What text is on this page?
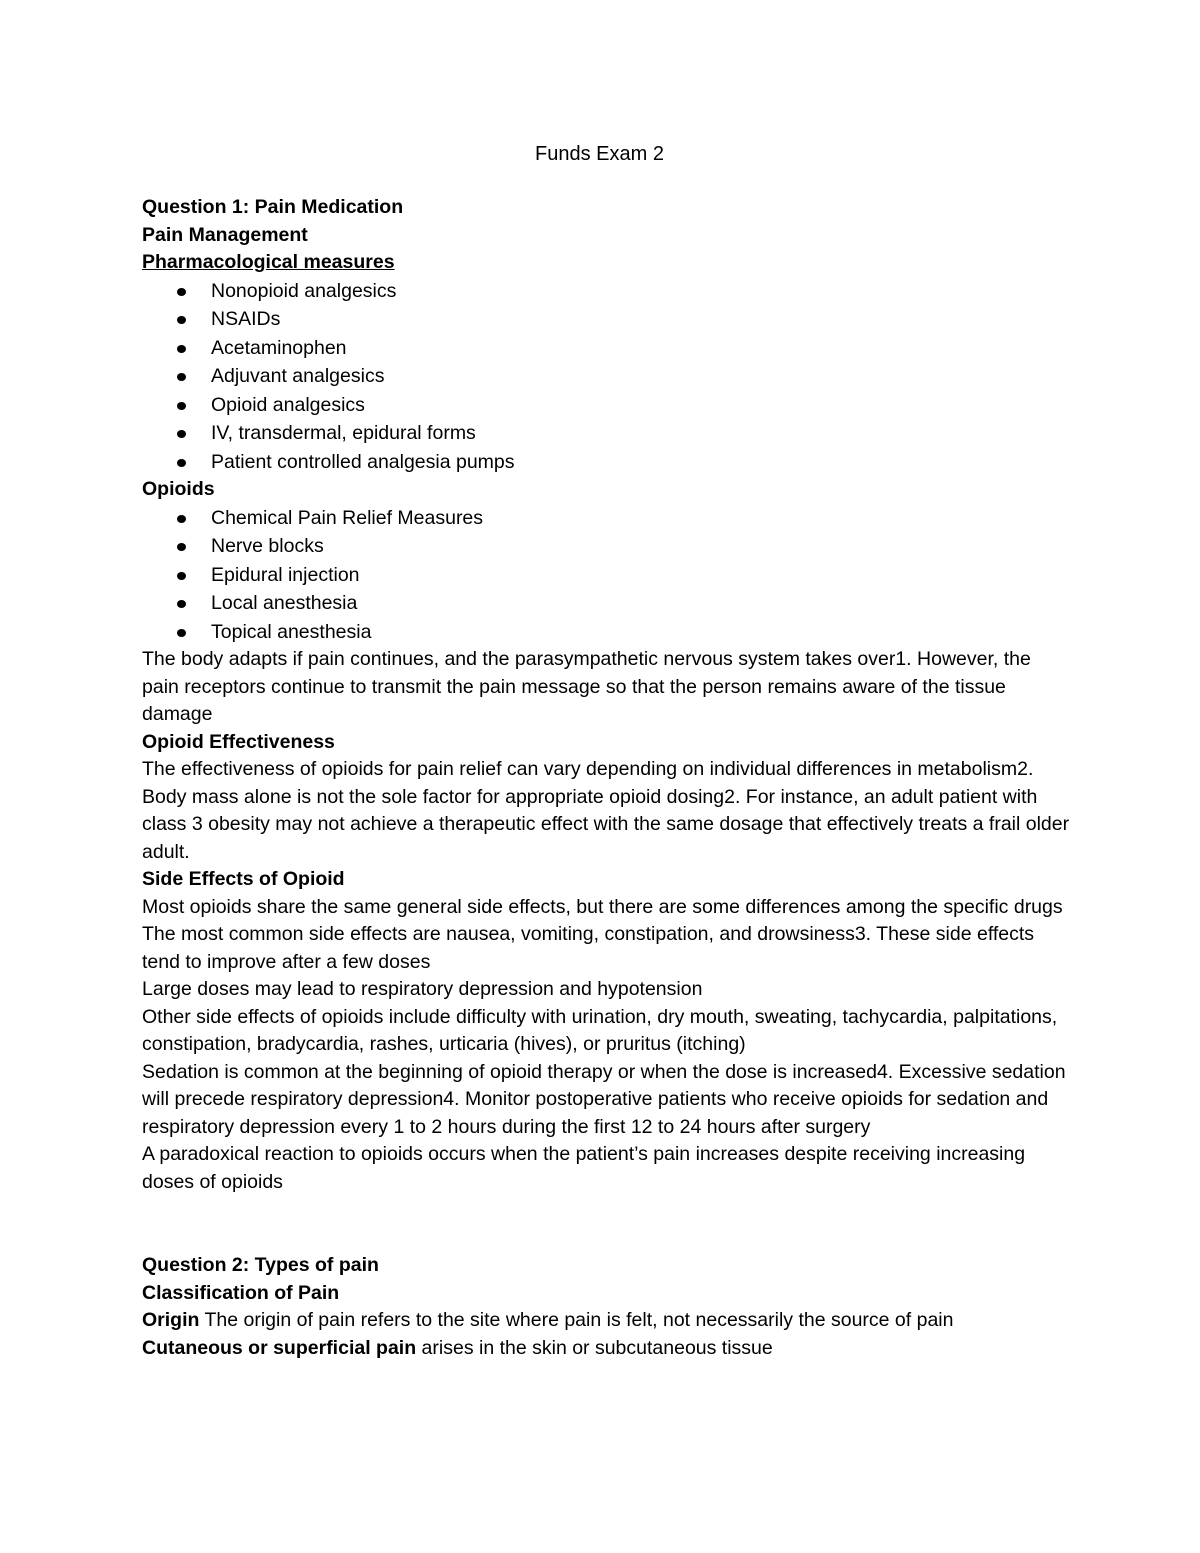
Funds Exam 2

Question 1: Pain Medication

Pain Management

Pharmacological measures

Nonopioid analgesics
NSAIDs
Acetaminophen
Adjuvant analgesics
Opioid analgesics
IV, transdermal, epidural forms
Patient controlled analgesia pumps

Opioids

Chemical Pain Relief Measures
Nerve blocks
Epidural injection
Local anesthesia
Topical anesthesia

The body adapts if pain continues, and the parasympathetic nervous system takes over1. However, the pain receptors continue to transmit the pain message so that the person remains aware of the tissue damage

Opioid Effectiveness

The effectiveness of opioids for pain relief can vary depending on individual differences in metabolism2. Body mass alone is not the sole factor for appropriate opioid dosing2. For instance, an adult patient with class 3 obesity may not achieve a therapeutic effect with the same dosage that effectively treats a frail older adult.

Side Effects of Opioid

Most opioids share the same general side effects, but there are some differences among the specific drugs

The most common side effects are nausea, vomiting, constipation, and drowsiness3. These side effects tend to improve after a few doses

Large doses may lead to respiratory depression and hypotension

Other side effects of opioids include difficulty with urination, dry mouth, sweating, tachycardia, palpitations, constipation, bradycardia, rashes, urticaria (hives), or pruritus (itching)

Sedation is common at the beginning of opioid therapy or when the dose is increased4. Excessive sedation will precede respiratory depression4. Monitor postoperative patients who receive opioids for sedation and respiratory depression every 1 to 2 hours during the first 12 to 24 hours after surgery

A paradoxical reaction to opioids occurs when the patient’s pain increases despite receiving increasing doses of opioids

Question 2: Types of pain

Classification of Pain

Origin The origin of pain refers to the site where pain is felt, not necessarily the source of pain

Cutaneous or superficial pain arises in the skin or subcutaneous tissue
